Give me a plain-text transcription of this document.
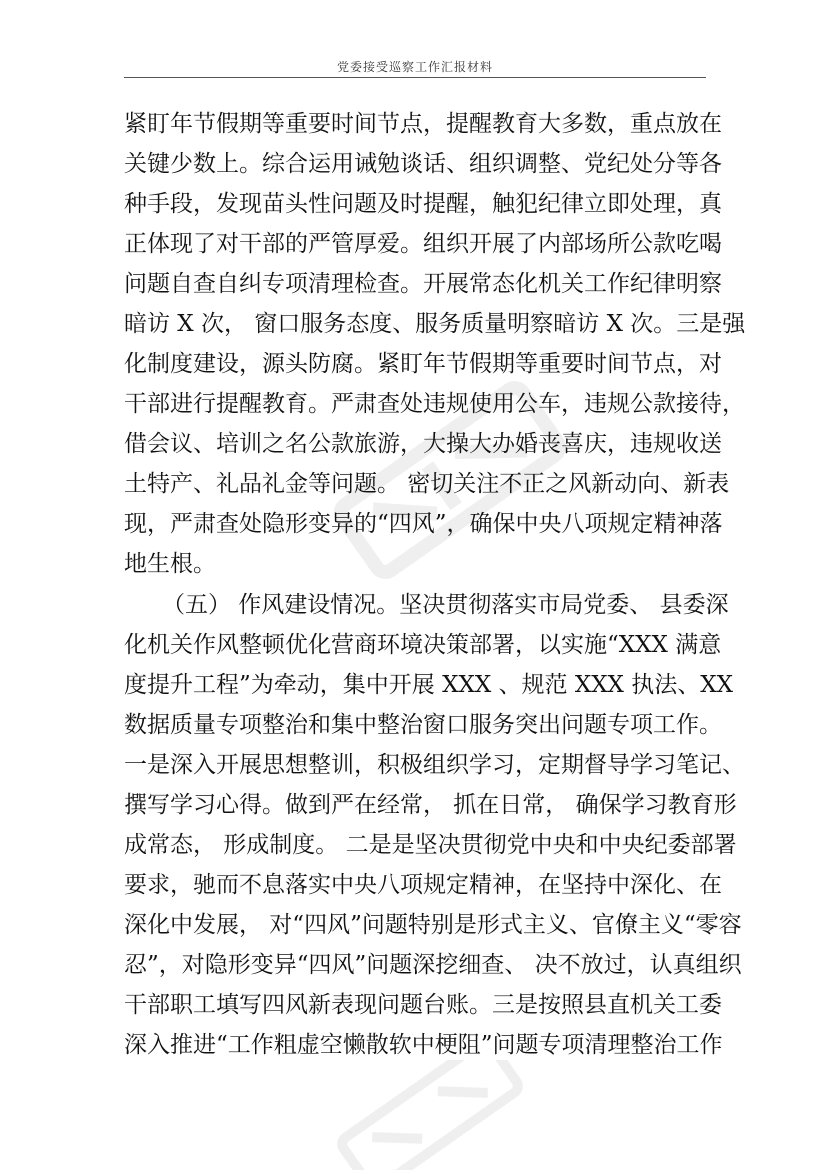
党委接受巡察工作汇报材料
紧盯年节假期等重要时间节点，提醒教育大多数，重点放在
关键少数上。综合运用诫勉谈话、组织调整、党纪处分等各
种手段，发现苗头性问题及时提醒，触犯纪律立即处理，真
正体现了对干部的严管厚爱。组织开展了内部场所公款吃喝
问题自查自纠专项清理检查。开展常态化机关工作纪律明察
暗访 X 次， 窗口服务态度、服务质量明察暗访 X 次。三是强
化制度建设，源头防腐。紧盯年节假期等重要时间节点，对
干部进行提醒教育。严肃查处违规使用公车，违规公款接待，
借会议、培训之名公款旅游，大操大办婚丧喜庆，违规收送
土特产、礼品礼金等问题。 密切关注不正之风新动向、新表
现，严肃查处隐形变异的“四风”，确保中央八项规定精神落
地生根。
（五） 作风建设情况。坚决贯彻落实市局党委、 县委深
化机关作风整顿优化营商环境决策部署，以实施“XXX 满意
度提升工程”为牵动，集中开展 XXX 、规范 XXX 执法、XX
数据质量专项整治和集中整治窗口服务突出问题专项工作。
一是深入开展思想整训，积极组织学习，定期督导学习笔记、
撰写学习心得。做到严在经常， 抓在日常， 确保学习教育形
成常态， 形成制度。 二是是坚决贯彻党中央和中央纪委部署
要求，驰而不息落实中央八项规定精神，在坚持中深化、在
深化中发展， 对“四风”问题特别是形式主义、官僚主义“零容
忍”，对隐形变异“四风”问题深挖细查、 决不放过，认真组织
干部职工填写四风新表现问题台账。三是按照县直机关工委
深入推进“工作粗虚空懒散软中梗阻”问题专项清理整治工作
